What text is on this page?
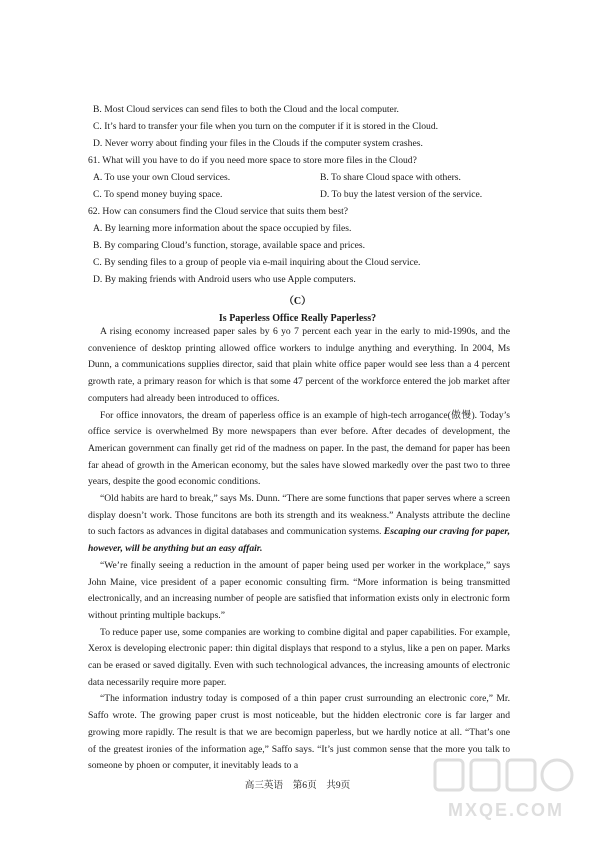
B. Most Cloud services can send files to both the Cloud and the local computer.
C. It’s hard to transfer your file when you turn on the computer if it is stored in the Cloud.
D. Never worry about finding your files in the Clouds if the computer system crashes.
61. What will you have to do if you need more space to store more files in the Cloud?
A. To use your own Cloud services.	B. To share Cloud space with others.
C. To spend money buying space.	D. To buy the latest version of the service.
62. How can consumers find the Cloud service that suits them best?
A. By learning more information about the space occupied by files.
B. By comparing Cloud’s function, storage, available space and prices.
C. By sending files to a group of people via e-mail inquiring about the Cloud service.
D. By making friends with Android users who use Apple computers.
（C）
Is Paperless Office Really Paperless?

A rising economy increased paper sales by 6 yo 7 percent each year in the early to mid-1990s, and the convenience of desktop printing allowed office workers to indulge anything and everything. In 2004, Ms Dunn, a communications supplies director, said that plain white office paper would see less than a 4 percent growth rate, a primary reason for which is that some 47 percent of the workforce entered the job market after computers had already been introduced to offices.

For office innovators, the dream of paperless office is an example of high-tech arrogance(傲慢). Today’s office service is overwhelmed By more newspapers than ever before. After decades of development, the American government can finally get rid of the madness on paper. In the past, the demand for paper has been far ahead of growth in the American economy, but the sales have slowed markedly over the past two to three years, despite the good economic conditions.

“Old habits are hard to break,” says Ms. Dunn. “There are some functions that paper serves where a screen display doesn’t work. Those funcitons are both its strength and its weakness.” Analysts attribute the decline to such factors as advances in digital databases and communication systems. Escaping our craving for paper, however, will be anything but an easy affair.

“We’re finally seeing a reduction in the amount of paper being used per worker in the workplace,” says John Maine, vice president of a paper economic consulting firm. “More information is being transmitted electronically, and an increasing number of people are satisfied that information exists only in electronic form without printing multiple backups.”

To reduce paper use, some companies are working to combine digital and paper capabilities. For example, Xerox is developing electronic paper: thin digital displays that respond to a stylus, like a pen on paper. Marks can be erased or saved digitally. Even with such technological advances, the increasing amounts of electronic data necessarily require more paper.

“The information industry today is composed of a thin paper crust surrounding an electronic core,” Mr. Saffo wrote. The growing paper crust is most noticeable, but the hidden electronic core is far larger and growing more rapidly. The result is that we are becomign paperless, but we hardly notice at all. “That’s one of the greatest ironies of the information age,” Saffo says. “It’s just common sense that the more you talk to someone by phoen or computer, it inevitably leads to a

高三英语　第6页　共9页
MXQE.COM
